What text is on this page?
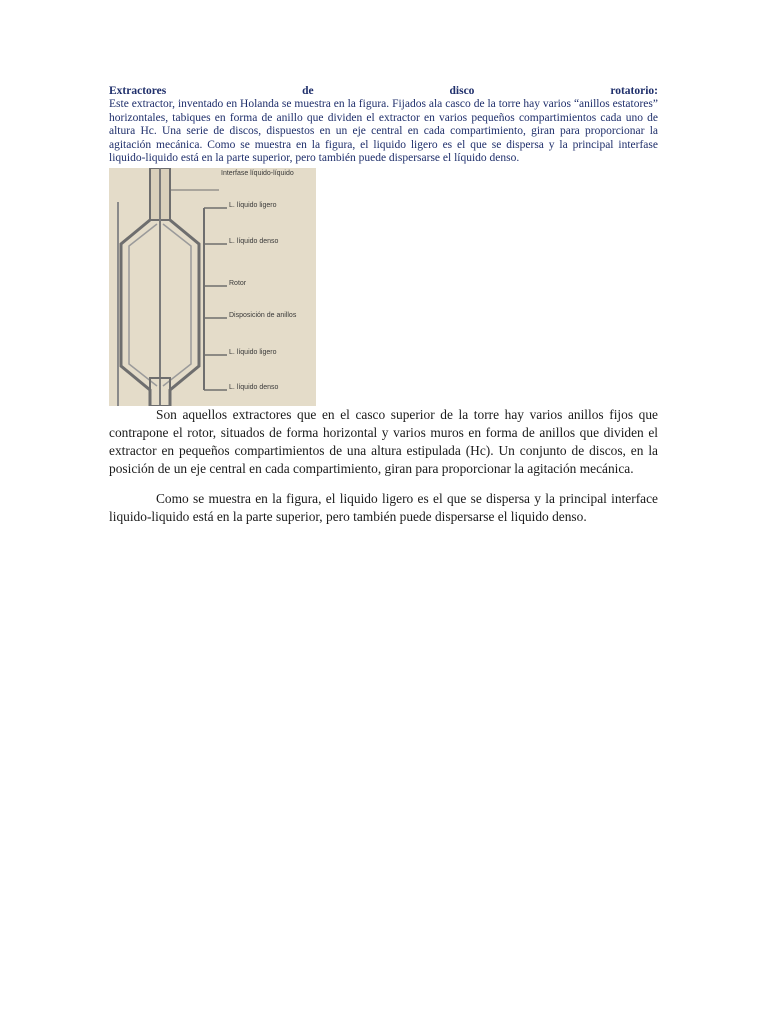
Extractores	de	disco	rotatorio:

Este extractor, inventado en Holanda se muestra en la figura. Fijados ala casco de la torre hay varios “anillos estatores” horizontales, tabiques en forma de anillo que dividen el extractor en varios pequeños compartimientos cada uno de altura Hc. Una serie de discos, dispuestos en un eje central en cada compartimiento, giran para proporcionar la agitación mecánica. Como se muestra en la figura, el liquido ligero es el que se dispersa y la principal interfase liquido-liquido está en la parte superior, pero también puede dispersarse el líquido denso.

Interfase líquido-líquido
L. líquido ligero
L. líquido denso
Rotor
Disposición de anillos
L. líquido ligero
L. líquido denso

Son aquellos extractores que en el casco superior de la torre hay varios anillos fijos que contrapone el rotor, situados de forma horizontal y varios muros en forma de anillos que dividen el extractor en pequeños compartimientos de una altura estipulada (Hc). Un conjunto de discos, en la posición de un eje central en cada compartimiento, giran para proporcionar la agitación mecánica.

Como se muestra en la figura, el liquido ligero es el que se dispersa y la principal interface liquido-liquido está en la parte superior, pero también puede dispersarse el liquido denso.
